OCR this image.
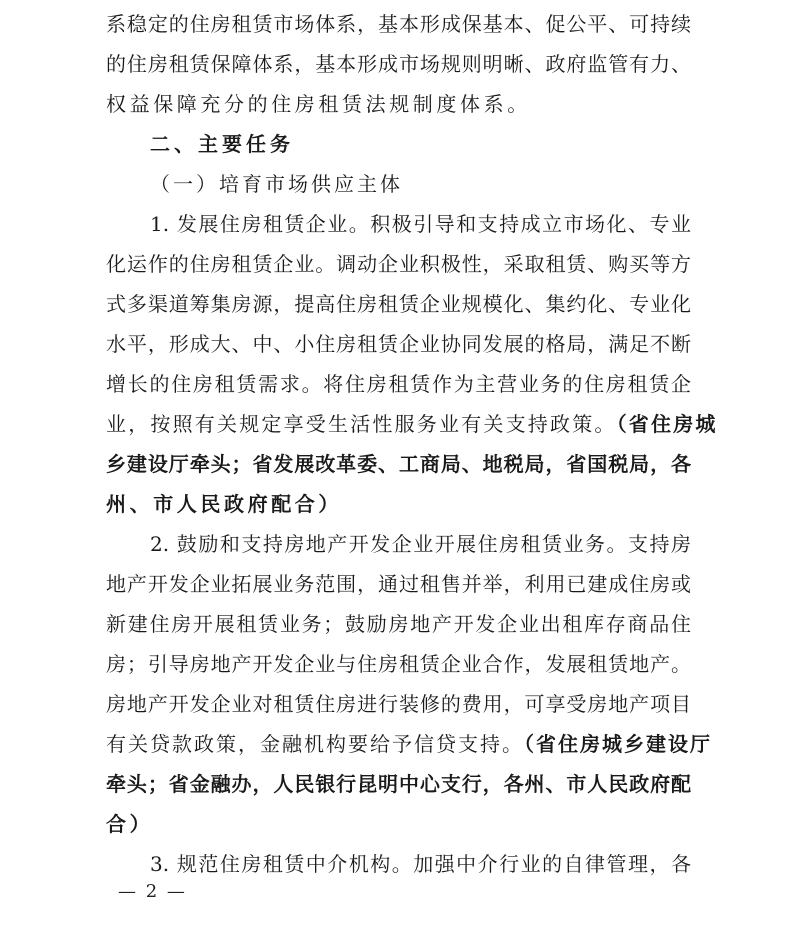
系稳定的住房租赁市场体系，基本形成保基本、促公平、可持续
的住房租赁保障体系，基本形成市场规则明晰、政府监管有力、
权益保障充分的住房租赁法规制度体系。
二、主要任务
（一）培育市场供应主体
1. 发展住房租赁企业。积极引导和支持成立市场化、专业
化运作的住房租赁企业。调动企业积极性，采取租赁、购买等方
式多渠道筹集房源，提高住房租赁企业规模化、集约化、专业化
水平，形成大、中、小住房租赁企业协同发展的格局，满足不断
增长的住房租赁需求。将住房租赁作为主营业务的住房租赁企
业，按照有关规定享受生活性服务业有关支持政策。（省住房城
乡建设厅牵头；省发展改革委、工商局、地税局，省国税局，各
州、市人民政府配合）
2. 鼓励和支持房地产开发企业开展住房租赁业务。支持房
地产开发企业拓展业务范围，通过租售并举，利用已建成住房或
新建住房开展租赁业务；鼓励房地产开发企业出租库存商品住
房；引导房地产开发企业与住房租赁企业合作，发展租赁地产。
房地产开发企业对租赁住房进行装修的费用，可享受房地产项目
有关贷款政策，金融机构要给予信贷支持。（省住房城乡建设厅
牵头；省金融办，人民银行昆明中心支行，各州、市人民政府配
合）
3. 规范住房租赁中介机构。加强中介行业的自律管理，各
— 2 —
